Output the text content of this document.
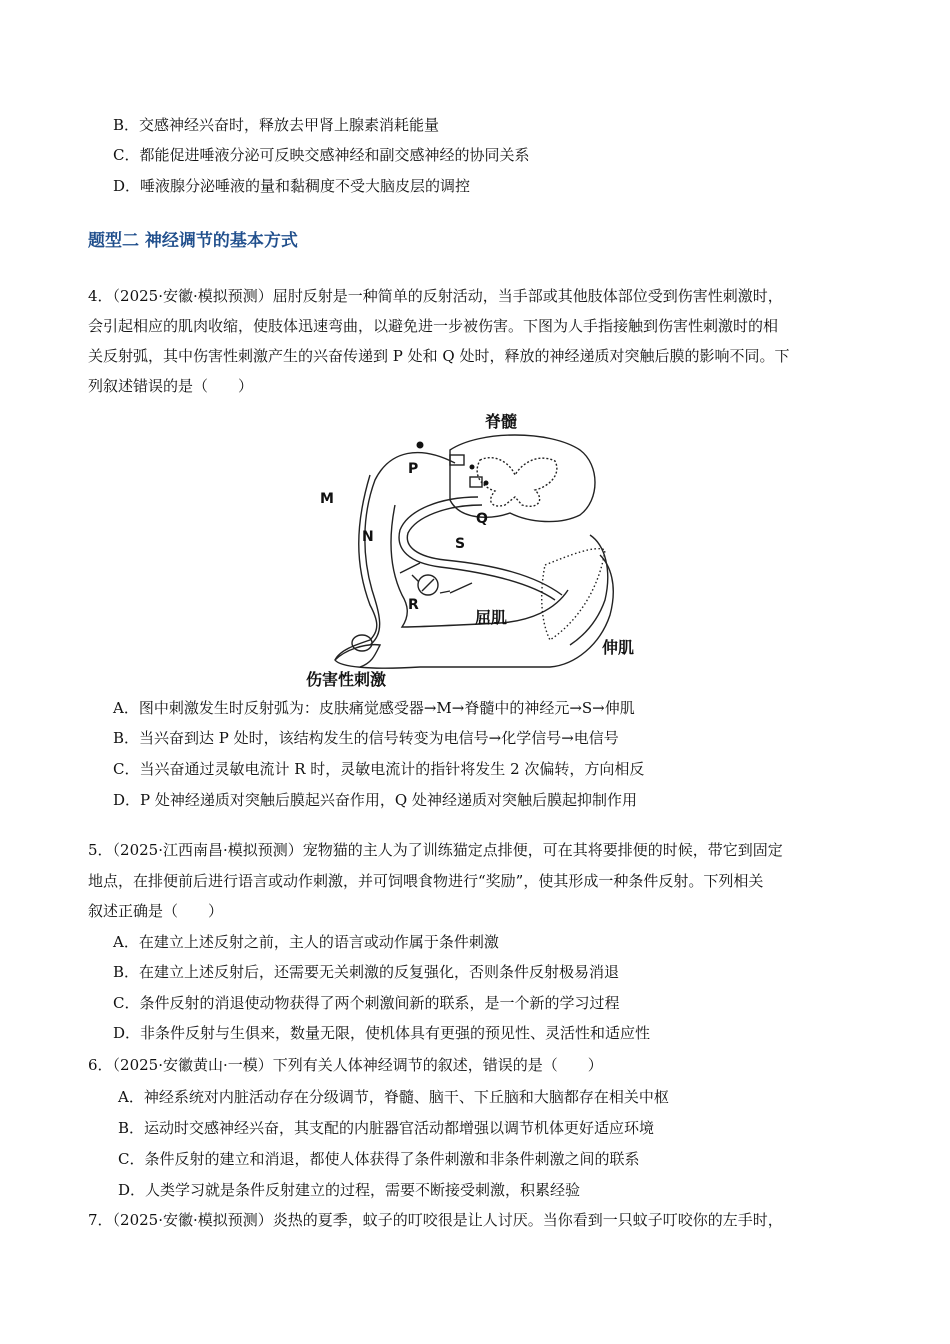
B．交感神经兴奋时，释放去甲肾上腺素消耗能量
C．都能促进唾液分泌可反映交感神经和副交感神经的协同关系
D．唾液腺分泌唾液的量和黏稠度不受大脑皮层的调控
题型二 神经调节的基本方式
4．（2025·安徽·模拟预测）屈肘反射是一种简单的反射活动，当手部或其他肢体部位受到伤害性刺激时，
会引起相应的肌肉收缩，使肢体迅速弯曲，以避免进一步被伤害。下图为人手指接触到伤害性刺激时的相
关反射弧，其中伤害性刺激产生的兴奋传递到 P 处和 Q 处时，释放的神经递质对突触后膜的影响不同。下
列叙述错误的是（　　）
脊髓
P
Q
M
N	S
R
屈肌
伸肌
伤害性刺激
A．图中刺激发生时反射弧为：皮肤痛觉感受器→M→脊髓中的神经元→S→伸肌
B．当兴奋到达 P 处时，该结构发生的信号转变为电信号→化学信号→电信号
C．当兴奋通过灵敏电流计 R 时，灵敏电流计的指针将发生 2 次偏转，方向相反
D．P 处神经递质对突触后膜起兴奋作用，Q 处神经递质对突触后膜起抑制作用
5．（2025·江西南昌·模拟预测）宠物猫的主人为了训练猫定点排便，可在其将要排便的时候，带它到固定
地点，在排便前后进行语言或动作刺激，并可饲喂食物进行“奖励”，使其形成一种条件反射。下列相关
叙述正确是（　　）
A．在建立上述反射之前，主人的语言或动作属于条件刺激
B．在建立上述反射后，还需要无关刺激的反复强化，否则条件反射极易消退
C．条件反射的消退使动物获得了两个刺激间新的联系，是一个新的学习过程
D．非条件反射与生俱来，数量无限，使机体具有更强的预见性、灵活性和适应性
6．（2025·安徽黄山·一模）下列有关人体神经调节的叙述，错误的是（　　）
A．神经系统对内脏活动存在分级调节，脊髓、脑干、下丘脑和大脑都存在相关中枢
B．运动时交感神经兴奋，其支配的内脏器官活动都增强以调节机体更好适应环境
C．条件反射的建立和消退，都使人体获得了条件刺激和非条件刺激之间的联系
D．人类学习就是条件反射建立的过程，需要不断接受刺激，积累经验
7．（2025·安徽·模拟预测）炎热的夏季，蚊子的叮咬很是让人讨厌。当你看到一只蚊子叮咬你的左手时，
